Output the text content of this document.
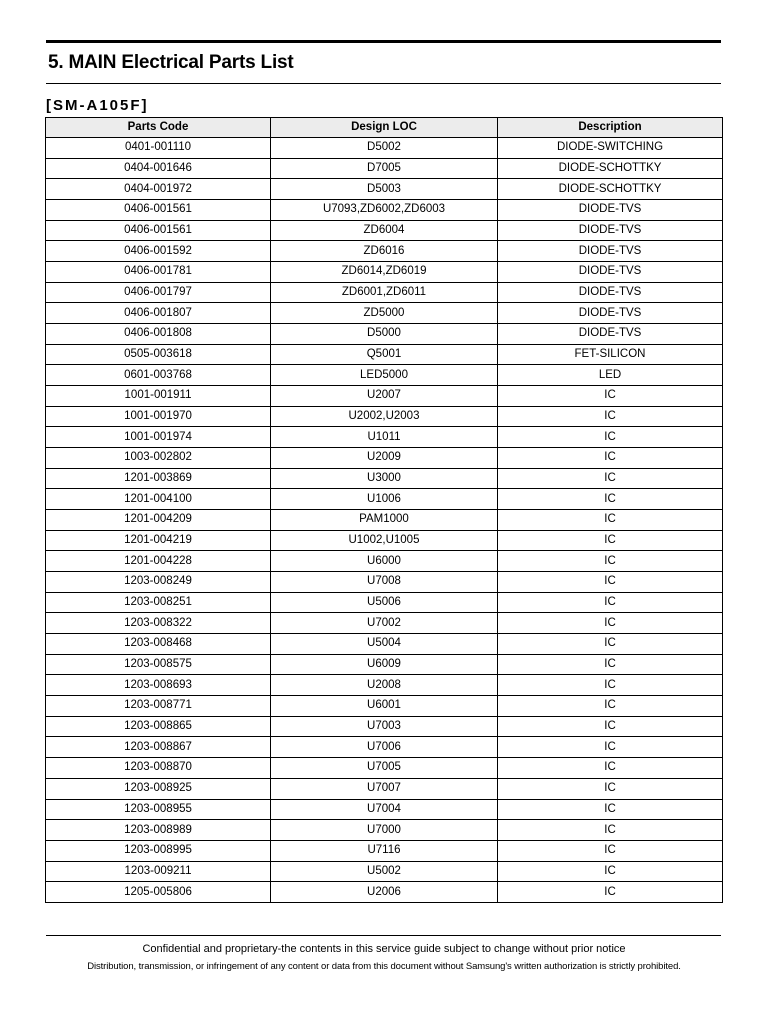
5. MAIN Electrical Parts List
[SM-A105F]
Parts Code	Design LOC	Description
0401-001110	D5002	DIODE-SWITCHING
0404-001646	D7005	DIODE-SCHOTTKY
0404-001972	D5003	DIODE-SCHOTTKY
0406-001561	U7093,ZD6002,ZD6003	DIODE-TVS
0406-001561	ZD6004	DIODE-TVS
0406-001592	ZD6016	DIODE-TVS
0406-001781	ZD6014,ZD6019	DIODE-TVS
0406-001797	ZD6001,ZD6011	DIODE-TVS
0406-001807	ZD5000	DIODE-TVS
0406-001808	D5000	DIODE-TVS
0505-003618	Q5001	FET-SILICON
0601-003768	LED5000	LED
1001-001911	U2007	IC
1001-001970	U2002,U2003	IC
1001-001974	U1011	IC
1003-002802	U2009	IC
1201-003869	U3000	IC
1201-004100	U1006	IC
1201-004209	PAM1000	IC
1201-004219	U1002,U1005	IC
1201-004228	U6000	IC
1203-008249	U7008	IC
1203-008251	U5006	IC
1203-008322	U7002	IC
1203-008468	U5004	IC
1203-008575	U6009	IC
1203-008693	U2008	IC
1203-008771	U6001	IC
1203-008865	U7003	IC
1203-008867	U7006	IC
1203-008870	U7005	IC
1203-008925	U7007	IC
1203-008955	U7004	IC
1203-008989	U7000	IC
1203-008995	U7116	IC
1203-009211	U5002	IC
1205-005806	U2006	IC
Confidential and proprietary-the contents in this service guide subject to change without prior notice
Distribution, transmission, or infringement of any content or data from this document without Samsung's written authorization is strictly prohibited.
